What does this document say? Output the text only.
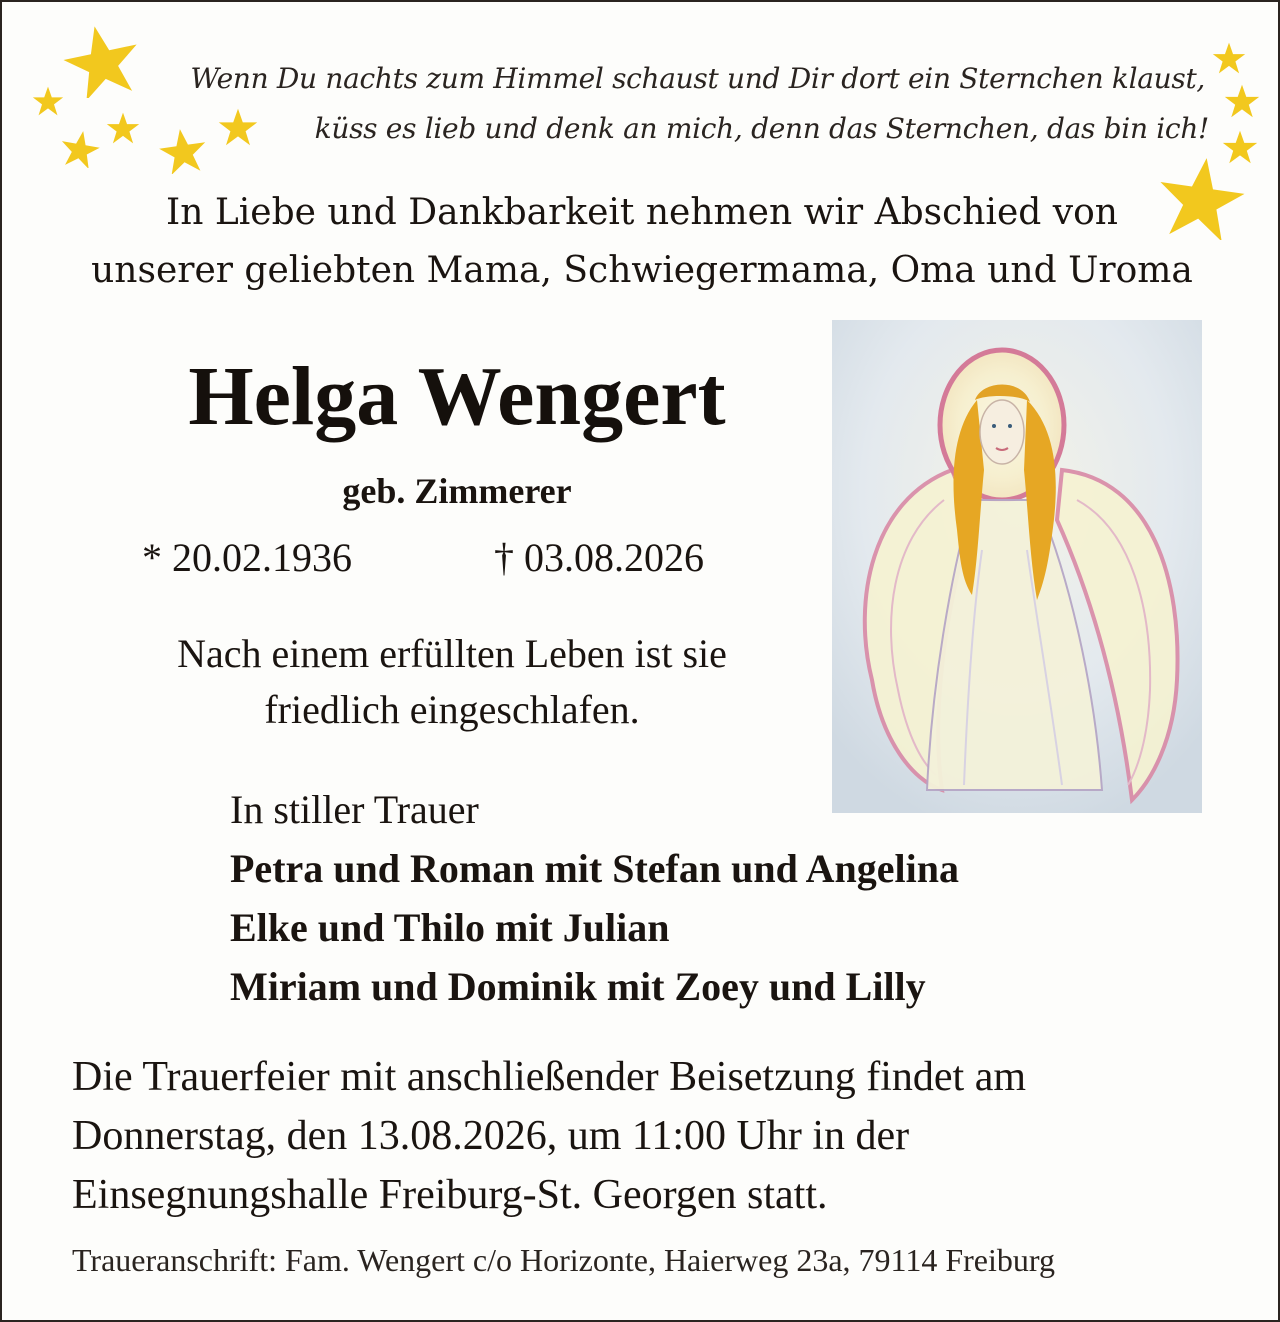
Wenn Du nachts zum Himmel schaust und Dir dort ein Sternchen klaust,
küss es lieb und denk an mich, denn das Sternchen, das bin ich!
In Liebe und Dankbarkeit nehmen wir Abschied von
unserer geliebten Mama, Schwiegermama, Oma und Uroma
Helga Wengert
geb. Zimmerer
* 20.02.1936	† 03.08.2026
Nach einem erfüllten Leben ist sie
friedlich eingeschlafen.
In stiller Trauer
Petra und Roman mit Stefan und Angelina
Elke und Thilo mit Julian
Miriam und Dominik mit Zoey und Lilly
Die Trauerfeier mit anschließender Beisetzung findet am
Donnerstag, den 13.08.2026, um 11:00 Uhr in der
Einsegnungshalle Freiburg-St. Georgen statt.
Traueranschrift: Fam. Wengert c/o Horizonte, Haierweg 23a, 79114 Freiburg
